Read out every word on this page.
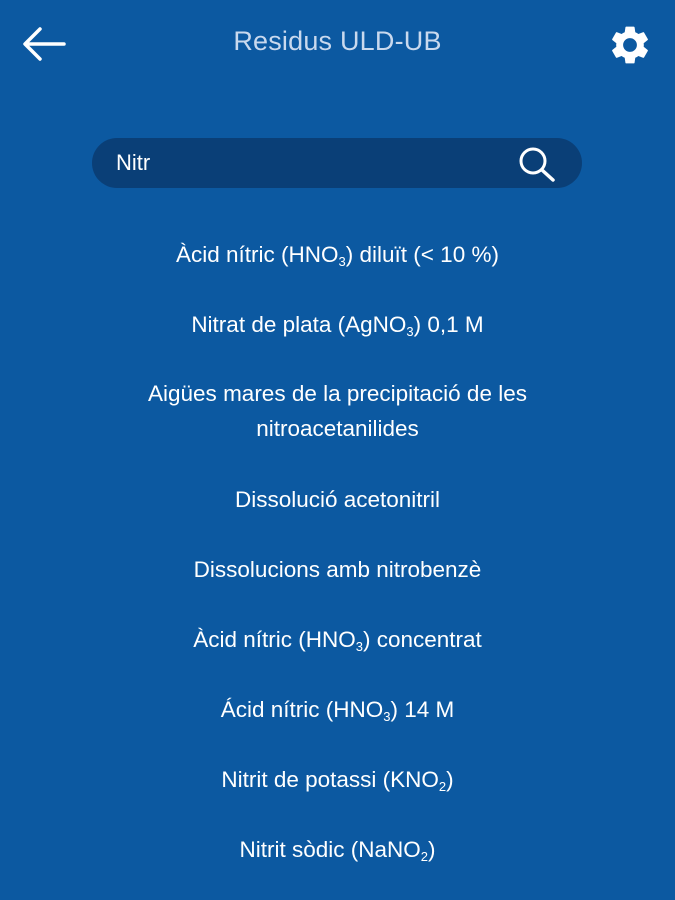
Residus ULD-UB
Nitr
Àcid nítric $(HNO_3)$ diluït (< 10 %)
Nitrat de plata (AgNO$_3$) 0,1 M
Aigües mares de la precipitació de les nitroacetanilides
Dissolució acetonitril
Dissolucions amb nitrobenzè
Àcid nítric $(HNO_3)$ concentrat
Ácid nítric $(HNO_3)$ 14 M
Nitrit de potassi $(KNO_2)$
Nitrit sòdic (NaNO$_2$)
